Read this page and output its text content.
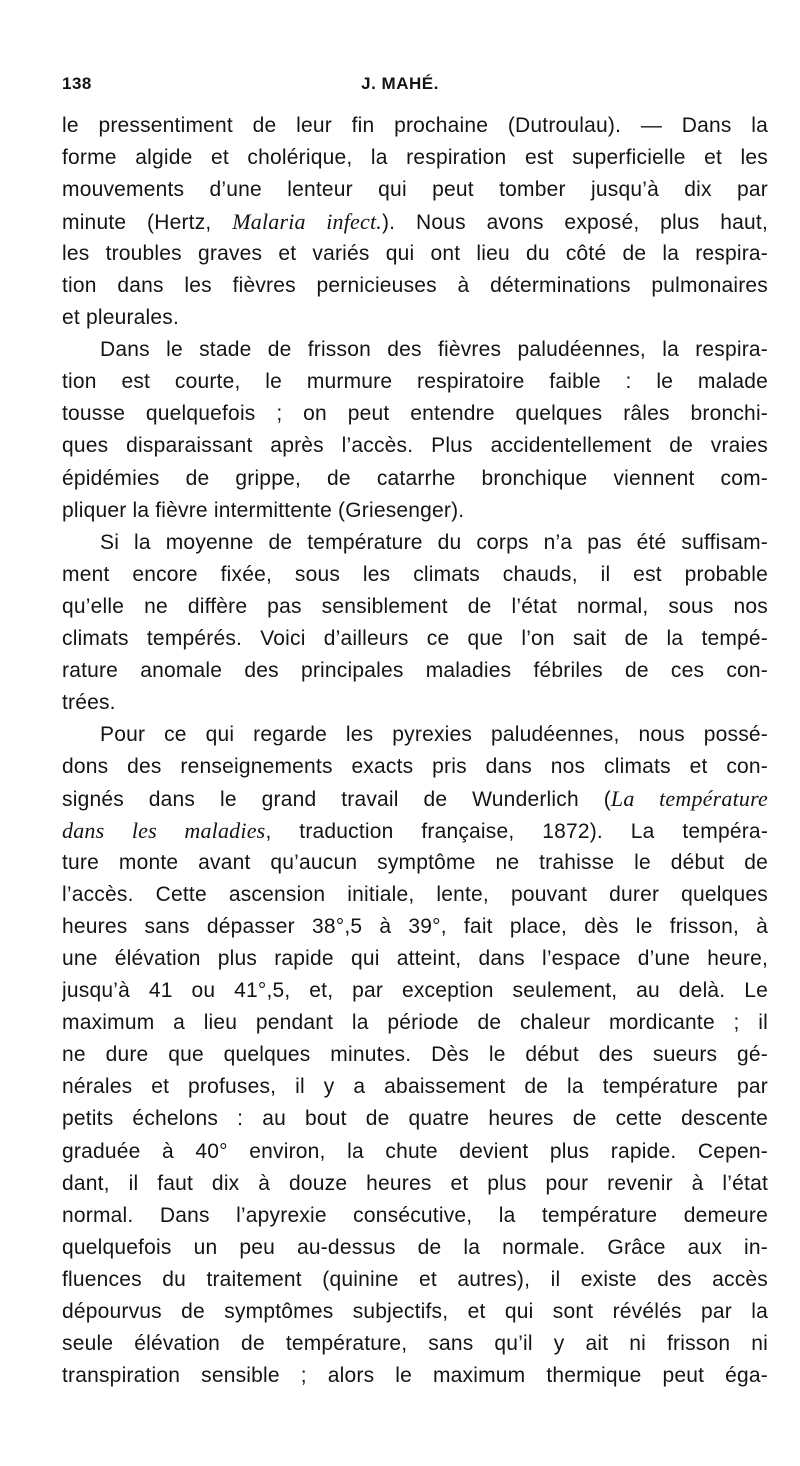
138	J. MAHÉ.
le pressentiment de leur fin prochaine (Dutroulau). — Dans la
forme algide et cholérique, la respiration est superficielle et les
mouvements d’une lenteur qui peut tomber jusqu’à dix par
minute (Hertz, Malaria infect.). Nous avons exposé, plus haut,
les troubles graves et variés qui ont lieu du côté de la respira-
tion dans les fièvres pernicieuses à déterminations pulmonaires
et pleurales.
Dans le stade de frisson des fièvres paludéennes, la respira-
tion est courte, le murmure respiratoire faible : le malade
tousse quelquefois ; on peut entendre quelques râles bronchi-
ques disparaissant après l’accès. Plus accidentellement de vraies
épidémies de grippe, de catarrhe bronchique viennent com-
pliquer la fièvre intermittente (Griesenger).
Si la moyenne de température du corps n’a pas été suffisam-
ment encore fixée, sous les climats chauds, il est probable
qu’elle ne diffère pas sensiblement de l’état normal, sous nos
climats tempérés. Voici d’ailleurs ce que l’on sait de la tempé-
rature anomale des principales maladies fébriles de ces con-
trées.
Pour ce qui regarde les pyrexies paludéennes, nous possé-
dons des renseignements exacts pris dans nos climats et con-
signés dans le grand travail de Wunderlich (La température
dans les maladies, traduction française, 1872). La tempéra-
ture monte avant qu’aucun symptôme ne trahisse le début de
l’accès. Cette ascension initiale, lente, pouvant durer quelques
heures sans dépasser 38°,5 à 39°, fait place, dès le frisson, à
une élévation plus rapide qui atteint, dans l’espace d’une heure,
jusqu’à 41 ou 41°,5, et, par exception seulement, au delà. Le
maximum a lieu pendant la période de chaleur mordicante ; il
ne dure que quelques minutes. Dès le début des sueurs gé-
nérales et profuses, il y a abaissement de la température par
petits échelons : au bout de quatre heures de cette descente
graduée à 40° environ, la chute devient plus rapide. Cepen-
dant, il faut dix à douze heures et plus pour revenir à l’état
normal. Dans l’apyrexie consécutive, la température demeure
quelquefois un peu au-dessus de la normale. Grâce aux in-
fluences du traitement (quinine et autres), il existe des accès
dépourvus de symptômes subjectifs, et qui sont révélés par la
seule élévation de température, sans qu’il y ait ni frisson ni
transpiration sensible ; alors le maximum thermique peut éga-
